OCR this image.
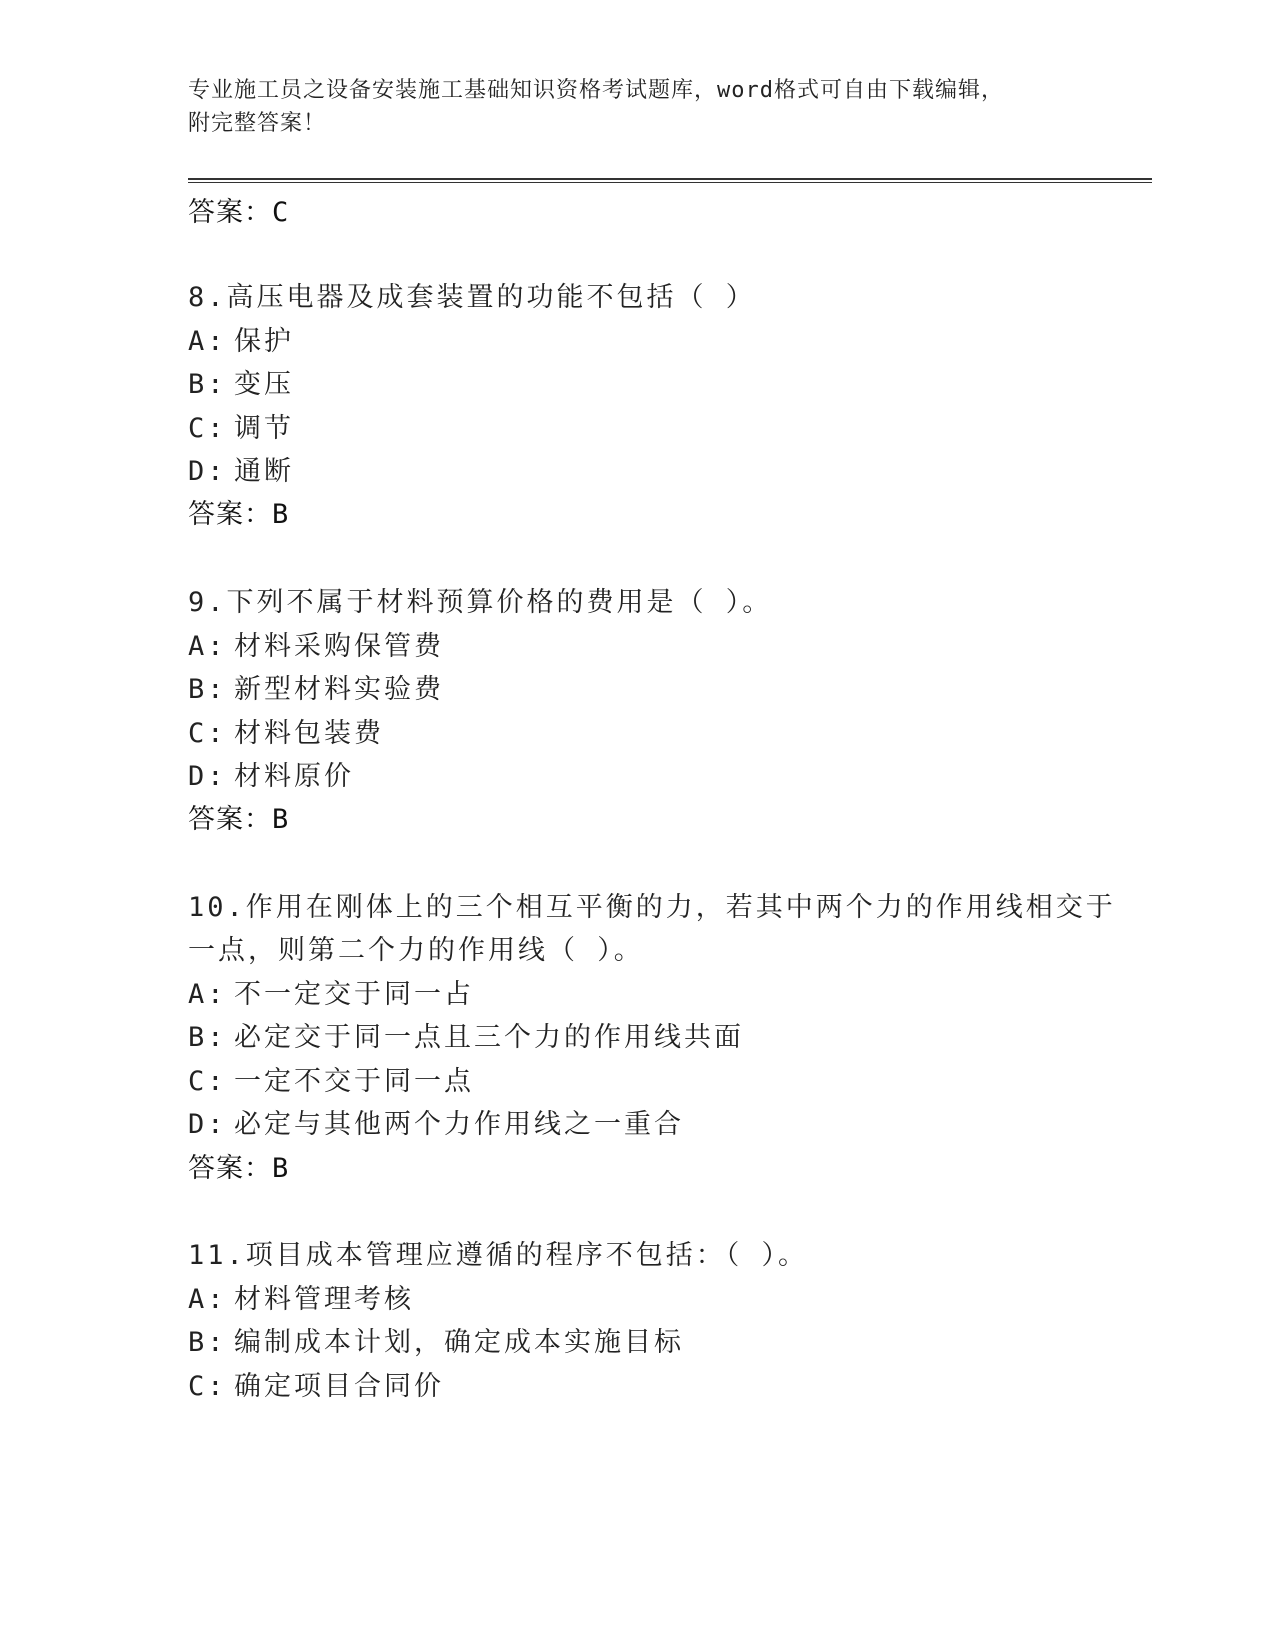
专业施工员之设备安装施工基础知识资格考试题库，word格式可自由下载编辑，
附完整答案！
答案：C
8.高压电器及成套装置的功能不包括（ ）
A: 保护
B: 变压
C: 调节
D: 通断
答案：B
9.下列不属于材料预算价格的费用是（ ）。
A: 材料采购保管费
B: 新型材料实验费
C: 材料包装费
D: 材料原价
答案：B
10.作用在刚体上的三个相互平衡的力，若其中两个力的作用线相交于
一点，则第二个力的作用线（ ）。
A: 不一定交于同一占
B: 必定交于同一点且三个力的作用线共面
C: 一定不交于同一点
D: 必定与其他两个力作用线之一重合
答案：B
11.项目成本管理应遵循的程序不包括：（ ）。
A: 材料管理考核
B: 编制成本计划，确定成本实施目标
C: 确定项目合同价
